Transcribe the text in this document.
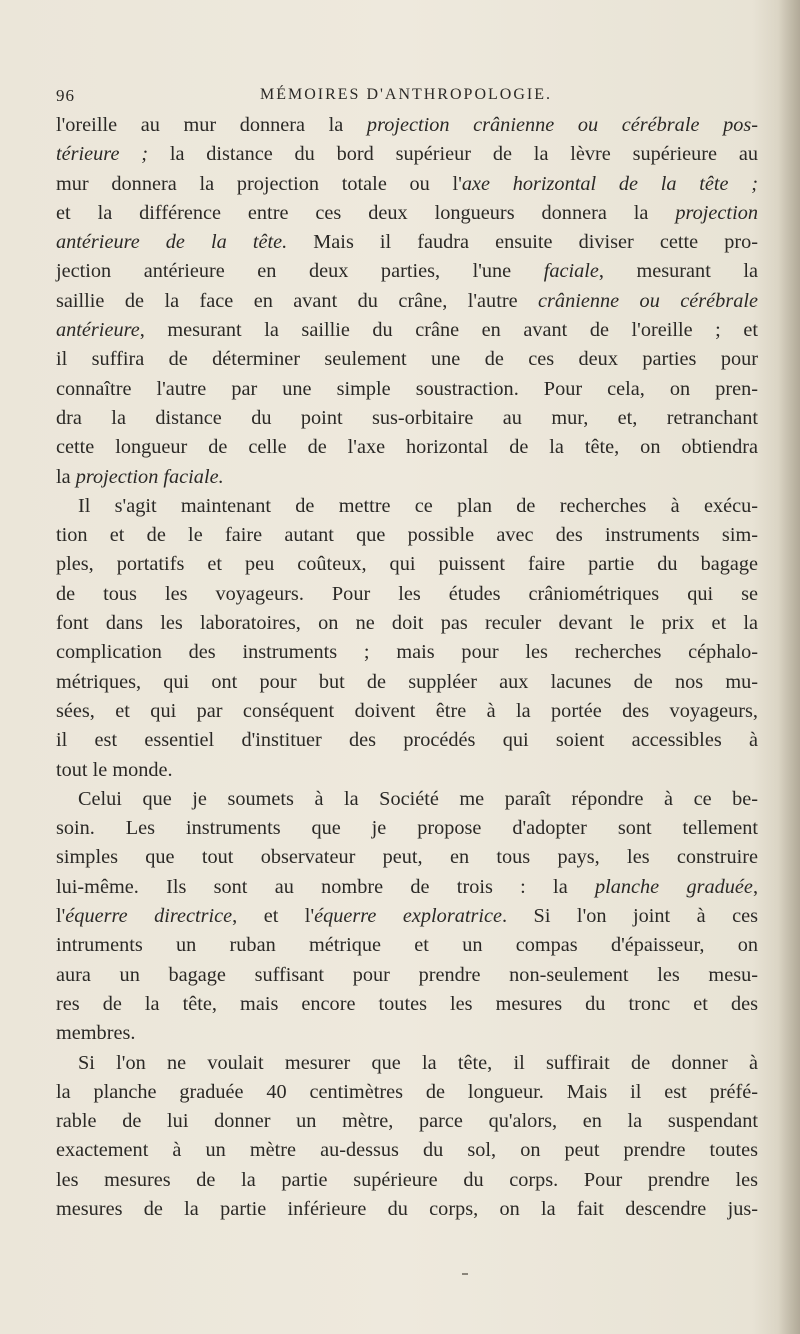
96	MÉMOIRES D'ANTHROPOLOGIE.
l'oreille au mur donnera la projection crânienne ou cérébrale pos-
térieure ; la distance du bord supérieur de la lèvre supérieure au
mur donnera la projection totale ou l'axe horizontal de la tête ;
et la différence entre ces deux longueurs donnera la projection
antérieure de la tête. Mais il faudra ensuite diviser cette pro-
jection antérieure en deux parties, l'une faciale, mesurant la
saillie de la face en avant du crâne, l'autre crânienne ou cérébrale
antérieure, mesurant la saillie du crâne en avant de l'oreille ; et
il suffira de déterminer seulement une de ces deux parties pour
connaître l'autre par une simple soustraction. Pour cela, on pren-
dra la distance du point sus-orbitaire au mur, et, retranchant
cette longueur de celle de l'axe horizontal de la tête, on obtiendra
la projection faciale.
Il s'agit maintenant de mettre ce plan de recherches à exécu-
tion et de le faire autant que possible avec des instruments sim-
ples, portatifs et peu coûteux, qui puissent faire partie du bagage
de tous les voyageurs. Pour les études crâniométriques qui se
font dans les laboratoires, on ne doit pas reculer devant le prix et la
complication des instruments ; mais pour les recherches céphalo-
métriques, qui ont pour but de suppléer aux lacunes de nos mu-
sées, et qui par conséquent doivent être à la portée des voyageurs,
il est essentiel d'instituer des procédés qui soient accessibles à
tout le monde.
Celui que je soumets à la Société me paraît répondre à ce be-
soin. Les instruments que je propose d'adopter sont tellement
simples que tout observateur peut, en tous pays, les construire
lui-même. Ils sont au nombre de trois : la planche graduée,
l'équerre directrice, et l'équerre exploratrice. Si l'on joint à ces
intruments un ruban métrique et un compas d'épaisseur, on
aura un bagage suffisant pour prendre non-seulement les mesu-
res de la tête, mais encore toutes les mesures du tronc et des
membres.
Si l'on ne voulait mesurer que la tête, il suffirait de donner à
la planche graduée 40 centimètres de longueur. Mais il est préfé-
rable de lui donner un mètre, parce qu'alors, en la suspendant
exactement à un mètre au-dessus du sol, on peut prendre toutes
les mesures de la partie supérieure du corps. Pour prendre les
mesures de la partie inférieure du corps, on la fait descendre jus-
